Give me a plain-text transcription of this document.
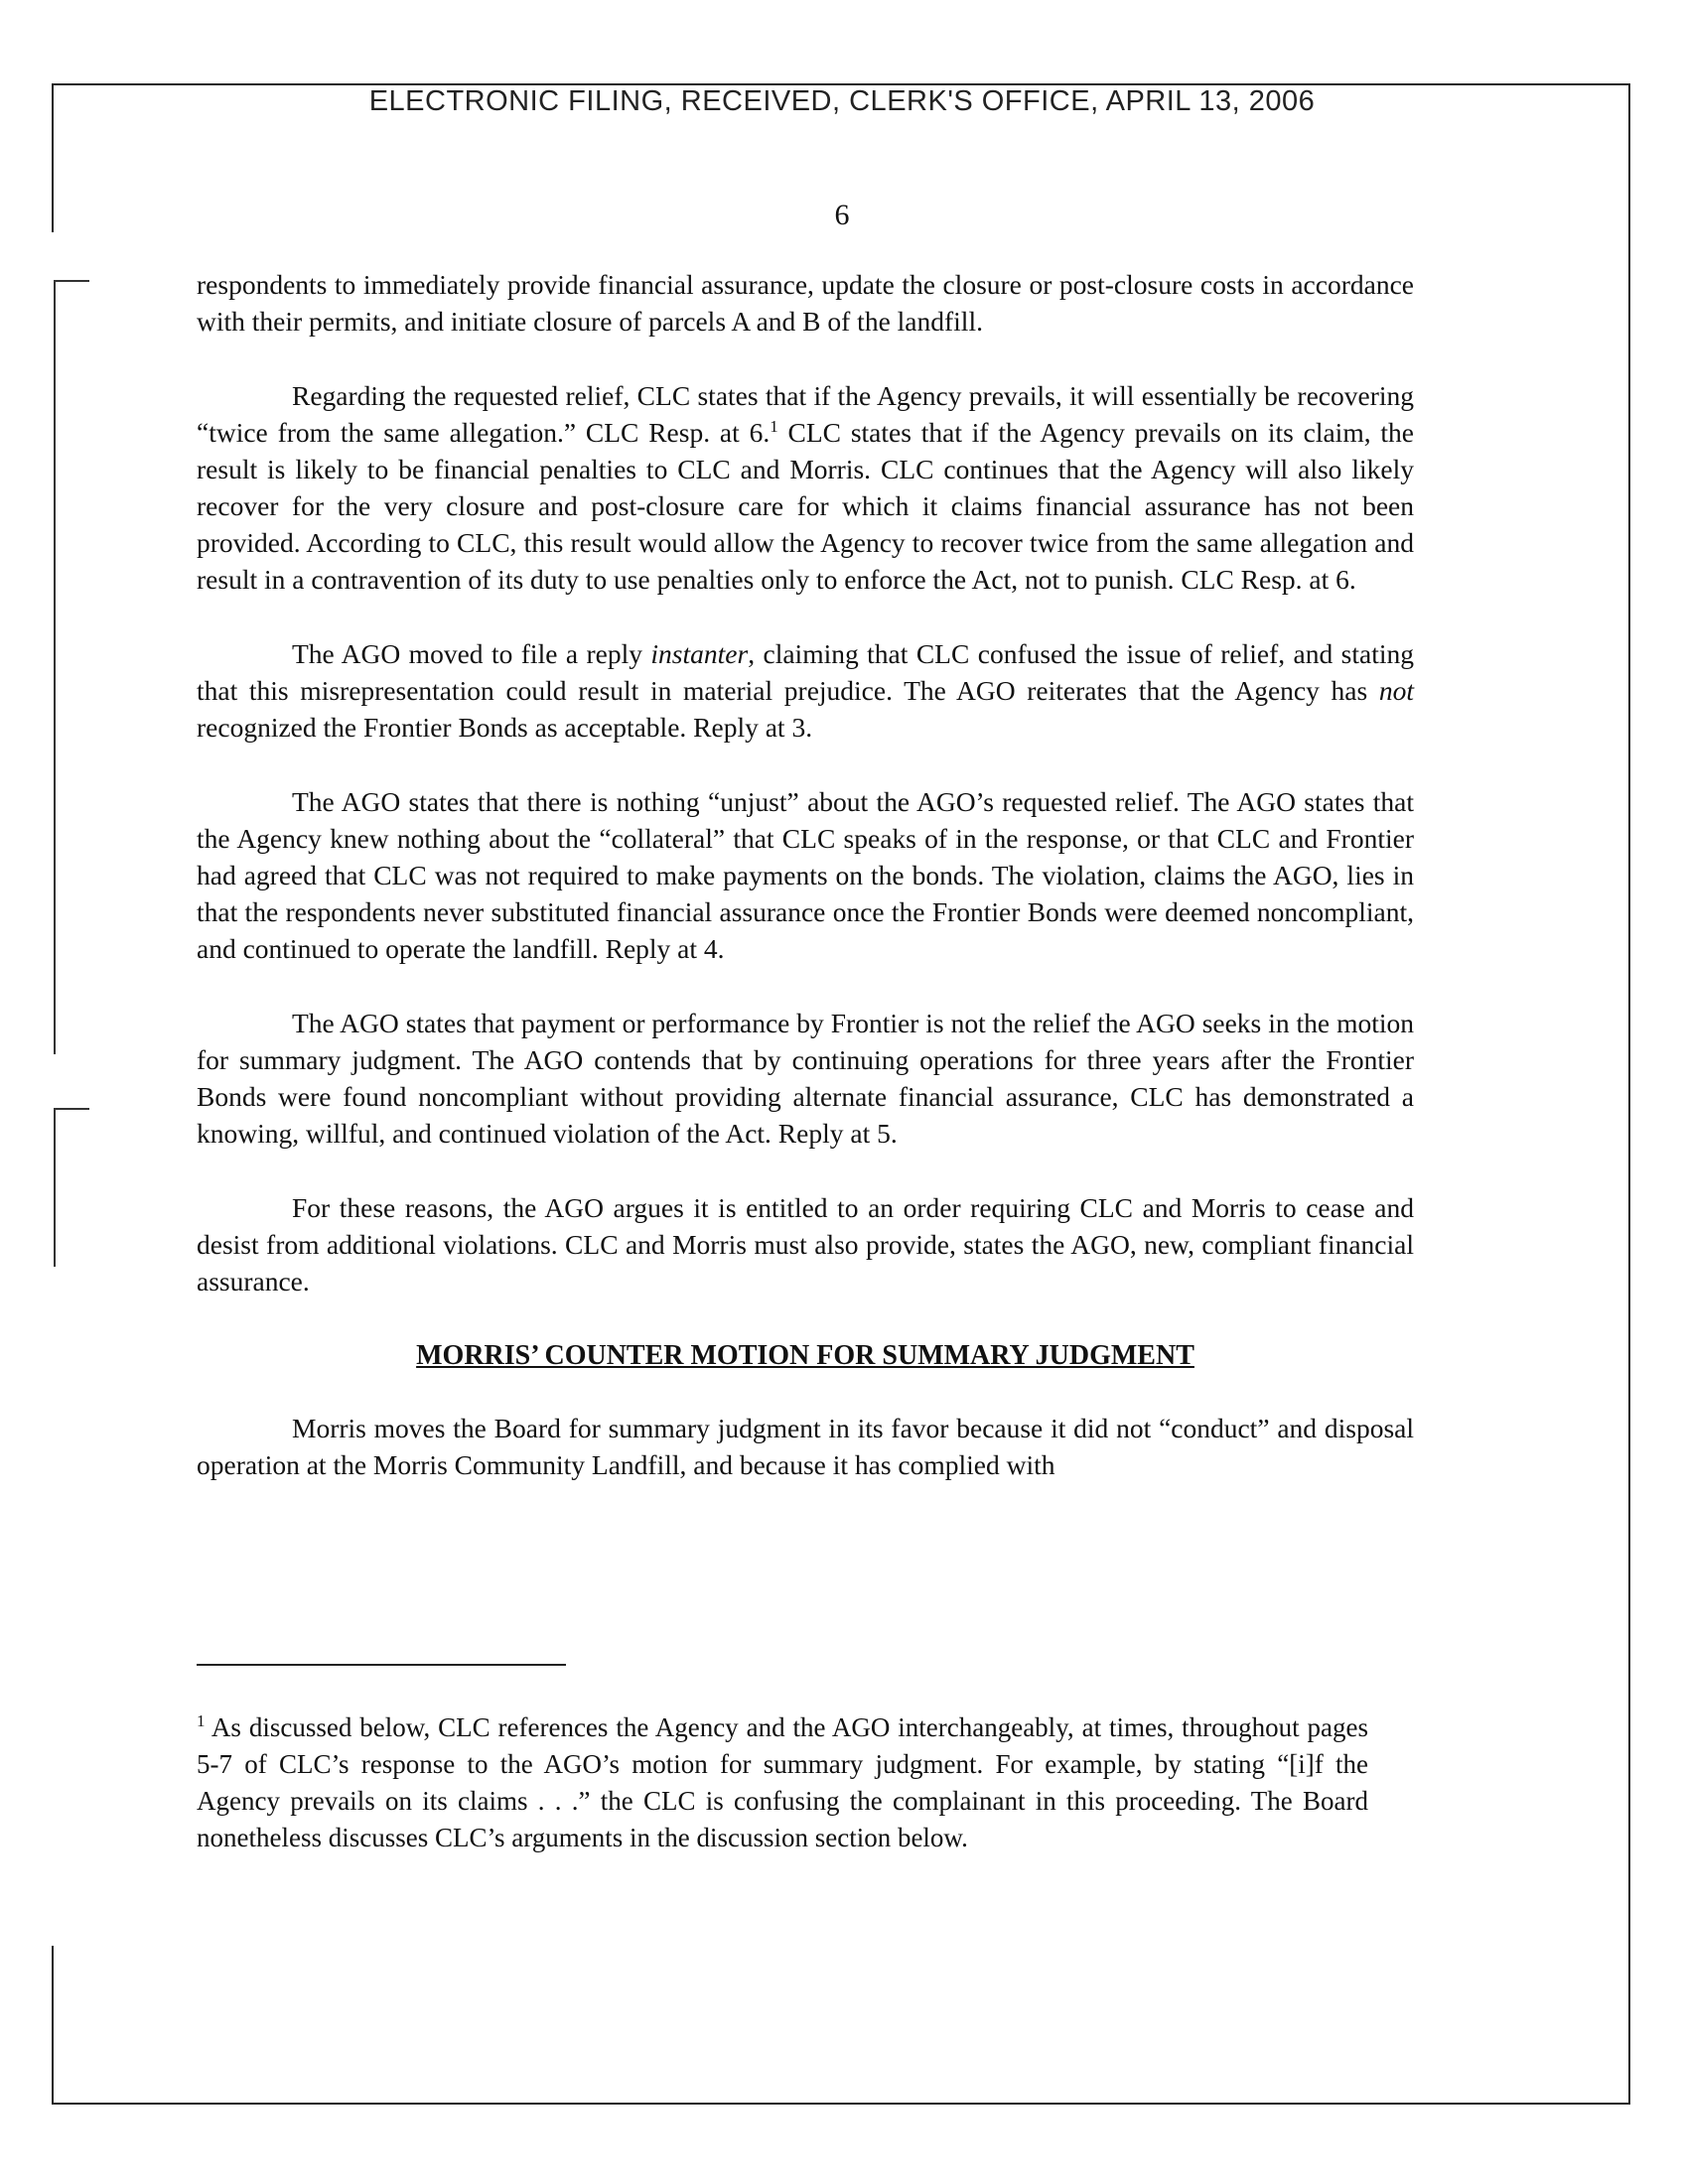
ELECTRONIC FILING, RECEIVED, CLERK'S OFFICE, APRIL 13, 2006
6

respondents to immediately provide financial assurance, update the closure or post-closure costs in accordance with their permits, and initiate closure of parcels A and B of the landfill.

Regarding the requested relief, CLC states that if the Agency prevails, it will essentially be recovering “twice from the same allegation.” CLC Resp. at 6.$^1$ CLC states that if the Agency prevails on its claim, the result is likely to be financial penalties to CLC and Morris. CLC continues that the Agency will also likely recover for the very closure and post-closure care for which it claims financial assurance has not been provided. According to CLC, this result would allow the Agency to recover twice from the same allegation and result in a contravention of its duty to use penalties only to enforce the Act, not to punish. CLC Resp. at 6.

The AGO moved to file a reply instanter, claiming that CLC confused the issue of relief, and stating that this misrepresentation could result in material prejudice. The AGO reiterates that the Agency has not recognized the Frontier Bonds as acceptable. Reply at 3.

The AGO states that there is nothing “unjust” about the AGO’s requested relief. The AGO states that the Agency knew nothing about the “collateral” that CLC speaks of in the response, or that CLC and Frontier had agreed that CLC was not required to make payments on the bonds. The violation, claims the AGO, lies in that the respondents never substituted financial assurance once the Frontier Bonds were deemed noncompliant, and continued to operate the landfill. Reply at 4.

The AGO states that payment or performance by Frontier is not the relief the AGO seeks in the motion for summary judgment. The AGO contends that by continuing operations for three years after the Frontier Bonds were found noncompliant without providing alternate financial assurance, CLC has demonstrated a knowing, willful, and continued violation of the Act. Reply at 5.

For these reasons, the AGO argues it is entitled to an order requiring CLC and Morris to cease and desist from additional violations. CLC and Morris must also provide, states the AGO, new, compliant financial assurance.

MORRIS’ COUNTER MOTION FOR SUMMARY JUDGMENT

Morris moves the Board for summary judgment in its favor because it did not “conduct” and disposal operation at the Morris Community Landfill, and because it has complied with

$^1$ As discussed below, CLC references the Agency and the AGO interchangeably, at times, throughout pages 5-7 of CLC’s response to the AGO’s motion for summary judgment. For example, by stating “[i]f the Agency prevails on its claims . . .” the CLC is confusing the complainant in this proceeding. The Board nonetheless discusses CLC’s arguments in the discussion section below.
